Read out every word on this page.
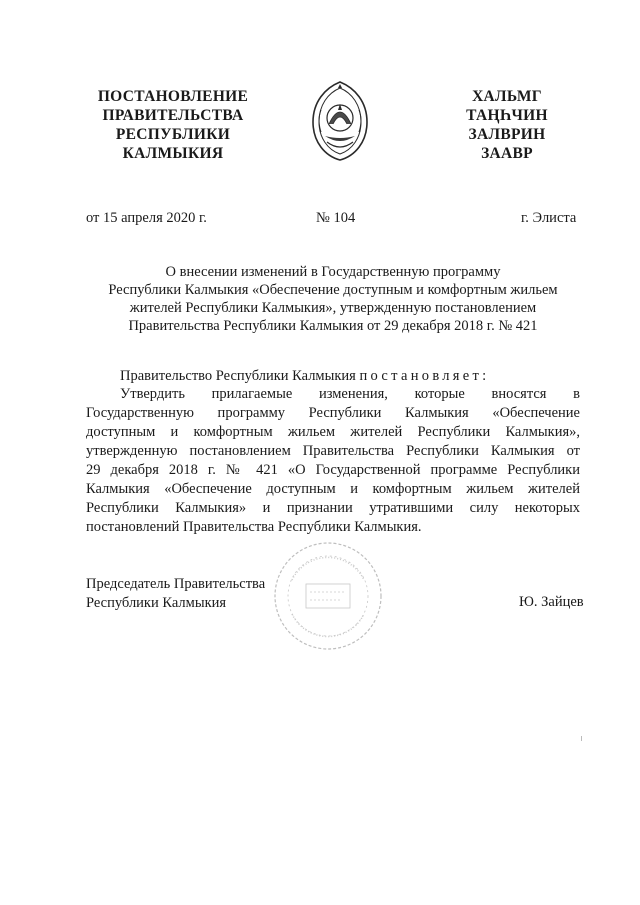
ПОСТАНОВЛЕНИЕ
ПРАВИТЕЛЬСТВА
РЕСПУБЛИКИ
КАЛМЫКИЯ
ХАЛЬМГ
ТАҢҺЧИН
ЗАЛВРИН
ЗААВР
от 15 апреля 2020 г.	№ 104	г. Элиста
О внесении изменений в Государственную программу
Республики Калмыкия «Обеспечение доступным и комфортным жильем
жителей Республики Калмыкия», утвержденную постановлением
Правительства Республики Калмыкия от 29 декабря 2018 г. № 421
Правительство Республики Калмыкия постановляет:
Утвердить прилагаемые изменения, которые вносятся в
Государственную программу Республики Калмыкия «Обеспечение
доступным и комфортным жильем жителей Республики Калмыкия»,
утвержденную постановлением Правительства Республики Калмыкия от
29 декабря 2018 г. № 421 «О Государственной программе Республики
Калмыкия «Обеспечение доступным и комфортным жильем жителей
Республики Калмыкия» и признании утратившими силу некоторых
постановлений Правительства Республики Калмыкия.
Председатель Правительства
Республики Калмыкия	Ю. Зайцев
